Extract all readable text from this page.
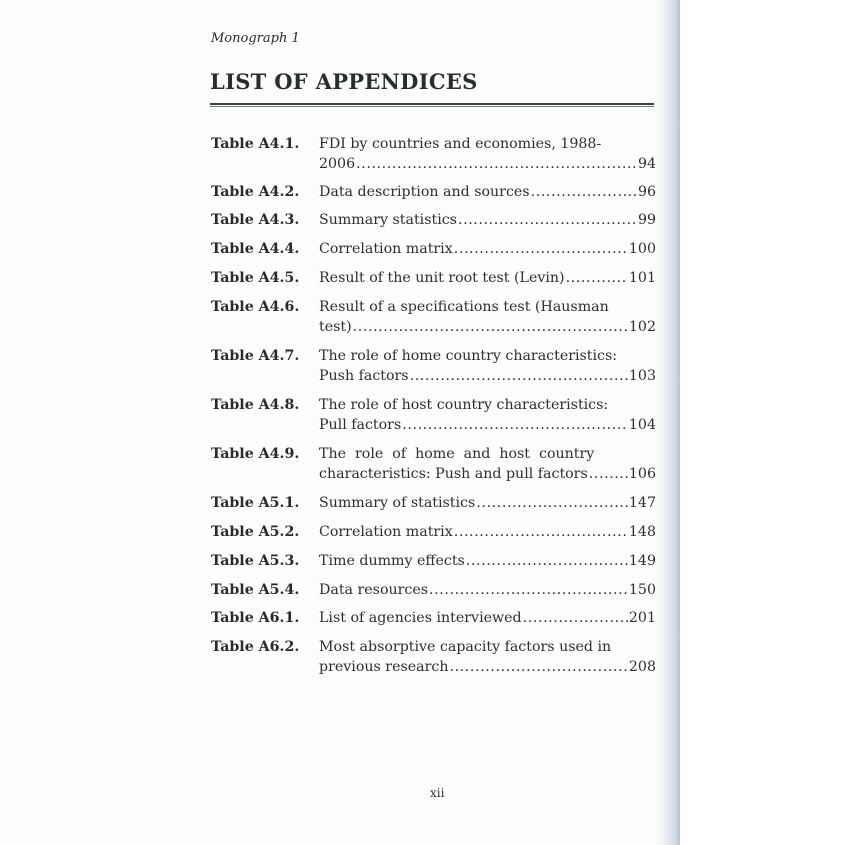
Monograph 1
LIST OF APPENDICES
Table A4.1.	FDI by countries and economies, 1988-
2006 .....	94
Table A4.2.	Data description and sources .....	96
Table A4.3.	Summary statistics .....	99
Table A4.4.	Correlation matrix .....	100
Table A4.5.	Result of the unit root test (Levin) .....	101
Table A4.6.	Result of a specifications test (Hausman
test) .....	102
Table A4.7.	The role of home country characteristics:
Push factors .....	103
Table A4.8.	The role of host country characteristics:
Pull factors .....	104
Table A4.9.	The  role  of  home  and  host  country
characteristics: Push and pull factors .....	106
Table A5.1.	Summary of statistics .....	147
Table A5.2.	Correlation matrix .....	148
Table A5.3.	Time dummy effects .....	149
Table A5.4.	Data resources .....	150
Table A6.1.	List of agencies interviewed .....	201
Table A6.2.	Most absorptive capacity factors used in
previous research .....	208
xii
